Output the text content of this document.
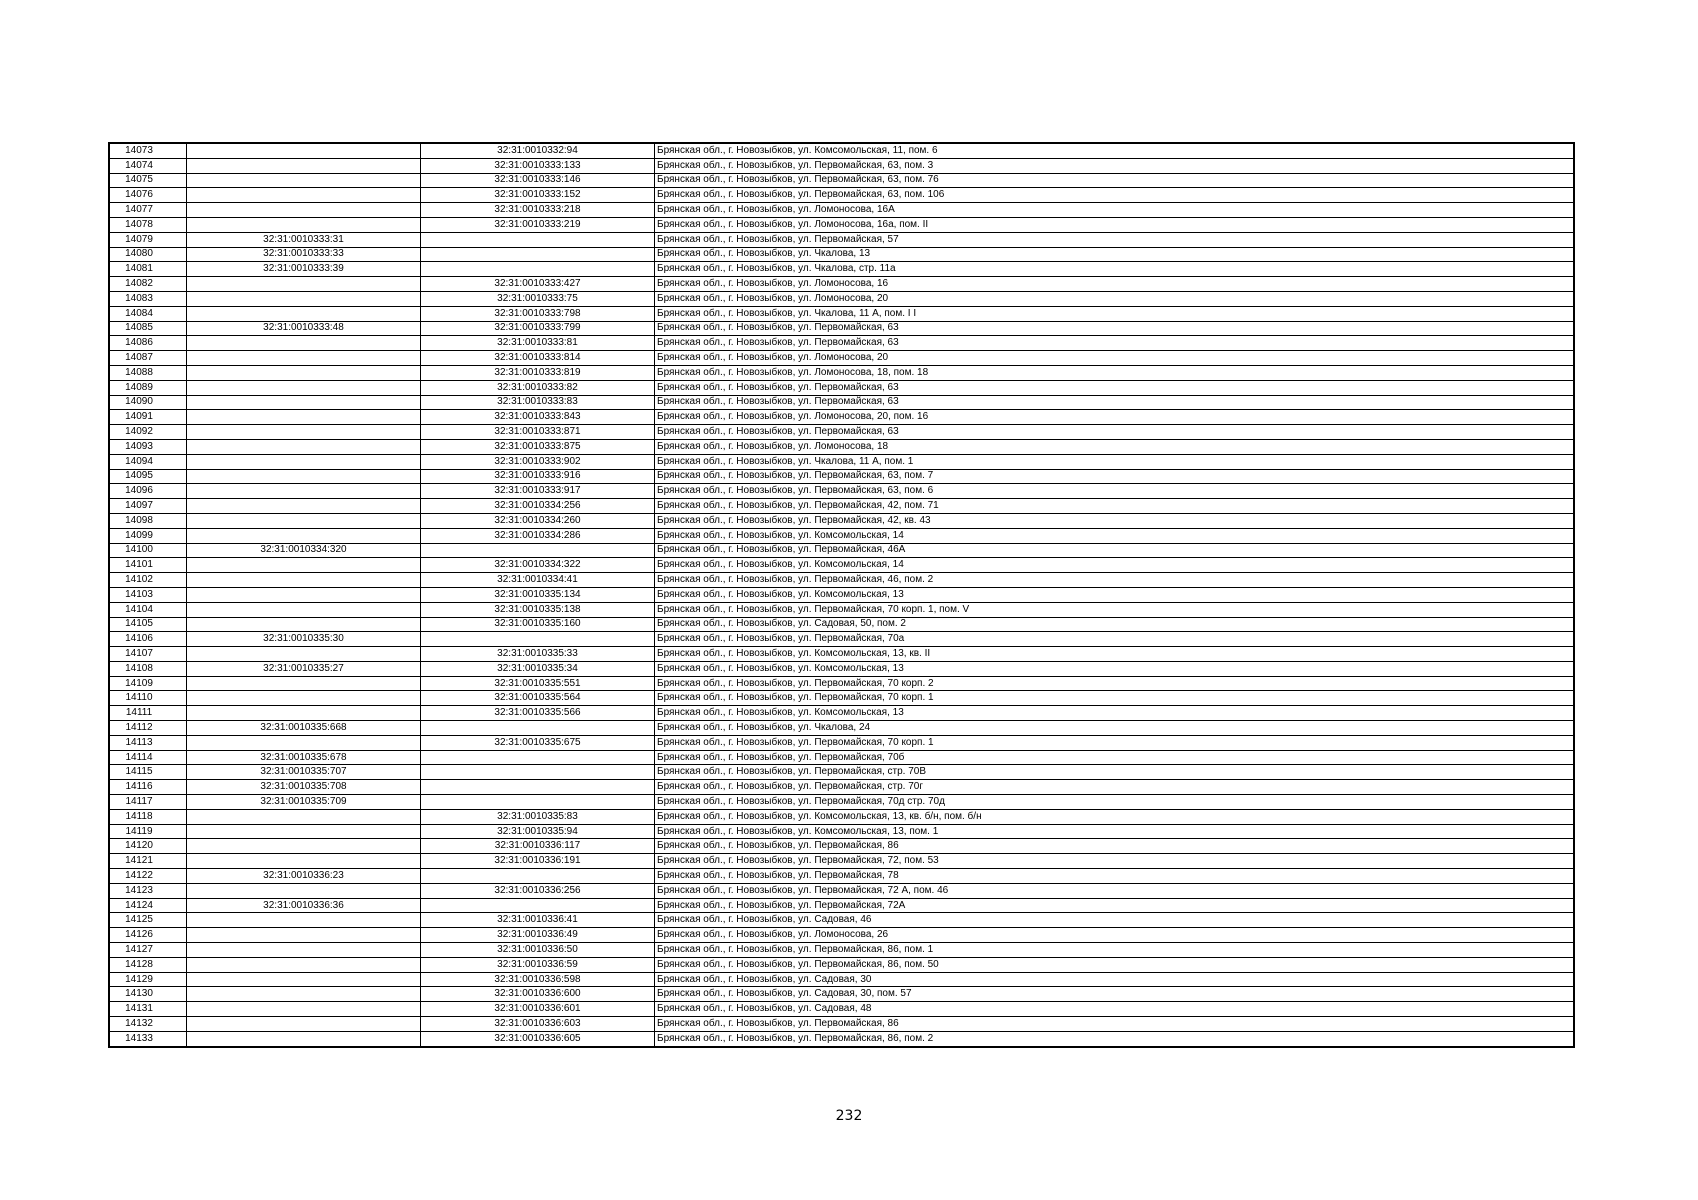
14073		32:31:0010332:94	Брянская обл., г. Новозыбков, ул. Комсомольская, 11, пом. 6
14074		32:31:0010333:133	Брянская обл., г. Новозыбков, ул. Первомайская, 63, пом. 3
14075		32:31:0010333:146	Брянская обл., г. Новозыбков, ул. Первомайская, 63, пом. 76
14076		32:31:0010333:152	Брянская обл., г. Новозыбков, ул. Первомайская, 63, пом. 106
14077		32:31:0010333:218	Брянская обл., г. Новозыбков, ул. Ломоносова, 16А
14078		32:31:0010333:219	Брянская обл., г. Новозыбков, ул. Ломоносова, 16а, пом. II
14079	32:31:0010333:31		Брянская обл., г. Новозыбков, ул. Первомайская, 57
14080	32:31:0010333:33		Брянская обл., г. Новозыбков, ул. Чкалова, 13
14081	32:31:0010333:39		Брянская обл., г. Новозыбков, ул. Чкалова, стр. 11а
14082		32:31:0010333:427	Брянская обл., г. Новозыбков, ул. Ломоносова, 16
14083		32:31:0010333:75	Брянская обл., г. Новозыбков, ул. Ломоносова, 20
14084		32:31:0010333:798	Брянская обл., г. Новозыбков, ул. Чкалова, 11 А, пом. I I
14085	32:31:0010333:48	32:31:0010333:799	Брянская обл., г. Новозыбков, ул. Первомайская, 63
14086		32:31:0010333:81	Брянская обл., г. Новозыбков, ул. Первомайская, 63
14087		32:31:0010333:814	Брянская обл., г. Новозыбков, ул. Ломоносова, 20
14088		32:31:0010333:819	Брянская обл., г. Новозыбков, ул. Ломоносова, 18, пом. 18
14089		32:31:0010333:82	Брянская обл., г. Новозыбков, ул. Первомайская, 63
14090		32:31:0010333:83	Брянская обл., г. Новозыбков, ул. Первомайская, 63
14091		32:31:0010333:843	Брянская обл., г. Новозыбков, ул. Ломоносова, 20, пом. 16
14092		32:31:0010333:871	Брянская обл., г. Новозыбков, ул. Первомайская, 63
14093		32:31:0010333:875	Брянская обл., г. Новозыбков, ул. Ломоносова, 18
14094		32:31:0010333:902	Брянская обл., г. Новозыбков, ул. Чкалова, 11 А, пом. 1
14095		32:31:0010333:916	Брянская обл., г. Новозыбков, ул. Первомайская, 63, пом. 7
14096		32:31:0010333:917	Брянская обл., г. Новозыбков, ул. Первомайская, 63, пом. 6
14097		32:31:0010334:256	Брянская обл., г. Новозыбков, ул. Первомайская, 42, пом. 71
14098		32:31:0010334:260	Брянская обл., г. Новозыбков, ул. Первомайская, 42, кв. 43
14099		32:31:0010334:286	Брянская обл., г. Новозыбков, ул. Комсомольская, 14
14100	32:31:0010334:320		Брянская обл., г. Новозыбков, ул. Первомайская, 46А
14101		32:31:0010334:322	Брянская обл., г. Новозыбков, ул. Комсомольская, 14
14102		32:31:0010334:41	Брянская обл., г. Новозыбков, ул. Первомайская, 46, пом. 2
14103		32:31:0010335:134	Брянская обл., г. Новозыбков, ул. Комсомольская, 13
14104		32:31:0010335:138	Брянская обл., г. Новозыбков, ул. Первомайская, 70 корп. 1, пом. V
14105		32:31:0010335:160	Брянская обл., г. Новозыбков, ул. Садовая, 50, пом. 2
14106	32:31:0010335:30		Брянская обл., г. Новозыбков, ул. Первомайская, 70а
14107		32:31:0010335:33	Брянская обл., г. Новозыбков, ул. Комсомольская, 13, кв. II
14108	32:31:0010335:27	32:31:0010335:34	Брянская обл., г. Новозыбков, ул. Комсомольская, 13
14109		32:31:0010335:551	Брянская обл., г. Новозыбков, ул. Первомайская, 70 корп. 2
14110		32:31:0010335:564	Брянская обл., г. Новозыбков, ул. Первомайская, 70 корп. 1
14111		32:31:0010335:566	Брянская обл., г. Новозыбков, ул. Комсомольская, 13
14112	32:31:0010335:668		Брянская обл., г. Новозыбков, ул. Чкалова, 24
14113		32:31:0010335:675	Брянская обл., г. Новозыбков, ул. Первомайская, 70 корп. 1
14114	32:31:0010335:678		Брянская обл., г. Новозыбков, ул. Первомайская, 70б
14115	32:31:0010335:707		Брянская обл., г. Новозыбков, ул. Первомайская, стр. 70В
14116	32:31:0010335:708		Брянская обл., г. Новозыбков, ул. Первомайская, стр. 70г
14117	32:31:0010335:709		Брянская обл., г. Новозыбков, ул. Первомайская, 70д стр. 70д
14118		32:31:0010335:83	Брянская обл., г. Новозыбков, ул. Комсомольская, 13, кв. б/н, пом. б/н
14119		32:31:0010335:94	Брянская обл., г. Новозыбков, ул. Комсомольская, 13, пом. 1
14120		32:31:0010336:117	Брянская обл., г. Новозыбков, ул. Первомайская, 86
14121		32:31:0010336:191	Брянская обл., г. Новозыбков, ул. Первомайская, 72, пом. 53
14122	32:31:0010336:23		Брянская обл., г. Новозыбков, ул. Первомайская, 78
14123		32:31:0010336:256	Брянская обл., г. Новозыбков, ул. Первомайская, 72 А, пом. 46
14124	32:31:0010336:36		Брянская обл., г. Новозыбков, ул. Первомайская, 72А
14125		32:31:0010336:41	Брянская обл., г. Новозыбков, ул. Садовая, 46
14126		32:31:0010336:49	Брянская обл., г. Новозыбков, ул. Ломоносова, 26
14127		32:31:0010336:50	Брянская обл., г. Новозыбков, ул. Первомайская, 86, пом. 1
14128		32:31:0010336:59	Брянская обл., г. Новозыбков, ул. Первомайская, 86, пом. 50
14129		32:31:0010336:598	Брянская обл., г. Новозыбков, ул. Садовая, 30
14130		32:31:0010336:600	Брянская обл., г. Новозыбков, ул. Садовая, 30, пом. 57
14131		32:31:0010336:601	Брянская обл., г. Новозыбков, ул. Садовая, 48
14132		32:31:0010336:603	Брянская обл., г. Новозыбков, ул. Первомайская, 86
14133		32:31:0010336:605	Брянская обл., г. Новозыбков, ул. Первомайская, 86, пом. 2
232
